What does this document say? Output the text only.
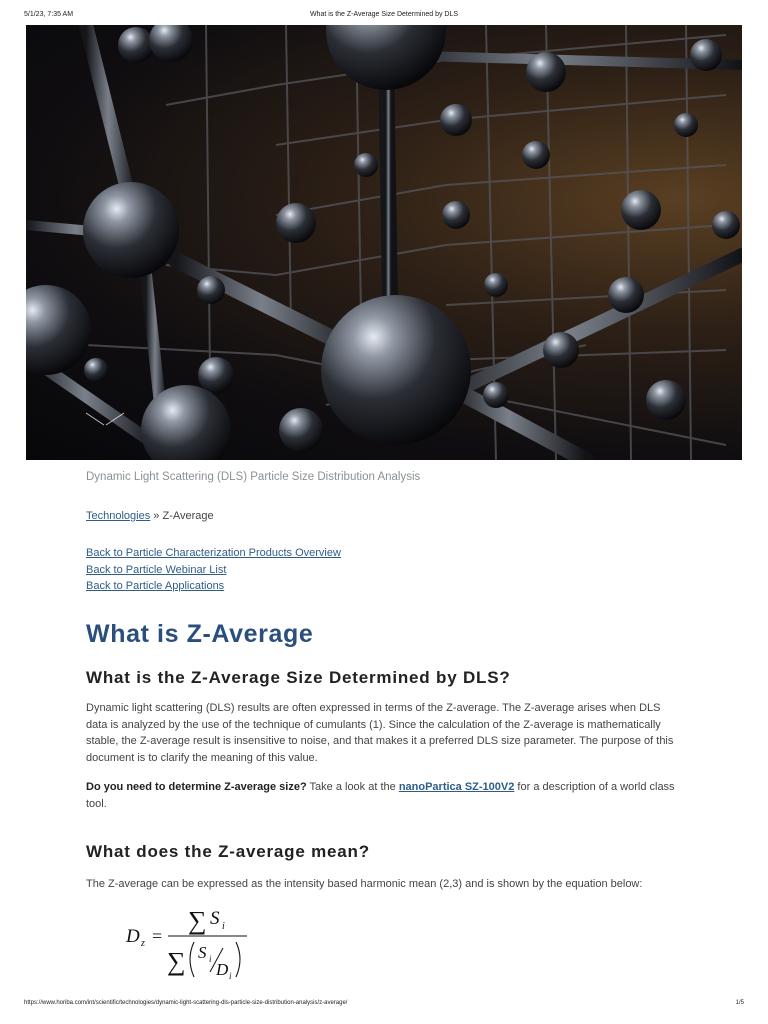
5/1/23, 7:35 AM	What is the Z-Average Size Determined by DLS
Dynamic Light Scattering (DLS) Particle Size Distribution Analysis
Technologies » Z-Average
Back to Particle Characterization Products Overview
Back to Particle Webinar List
Back to Particle Applications
What is Z-Average
What is the Z-Average Size Determined by DLS?

Dynamic light scattering (DLS) results are often expressed in terms of the Z-average. The Z-average arises when DLS data is analyzed by the use of the technique of cumulants (1). Since the calculation of the Z-average is mathematically stable, the Z-average result is insensitive to noise, and that makes it a preferred DLS size parameter. The purpose of this document is to clarify the meaning of this value.

Do you need to determine Z-average size? Take a look at the nanoPartica SZ-100V2 for a description of a world class tool.

What does the Z-average mean?

The Z-average can be expressed as the intensity based harmonic mean (2,3) and is shown by the equation below:

D z =
∑ S i
∑ S i
D i
https://www.horiba.com/int/scientific/technologies/dynamic-light-scattering-dls-particle-size-distribution-analysis/z-average/	1/5
